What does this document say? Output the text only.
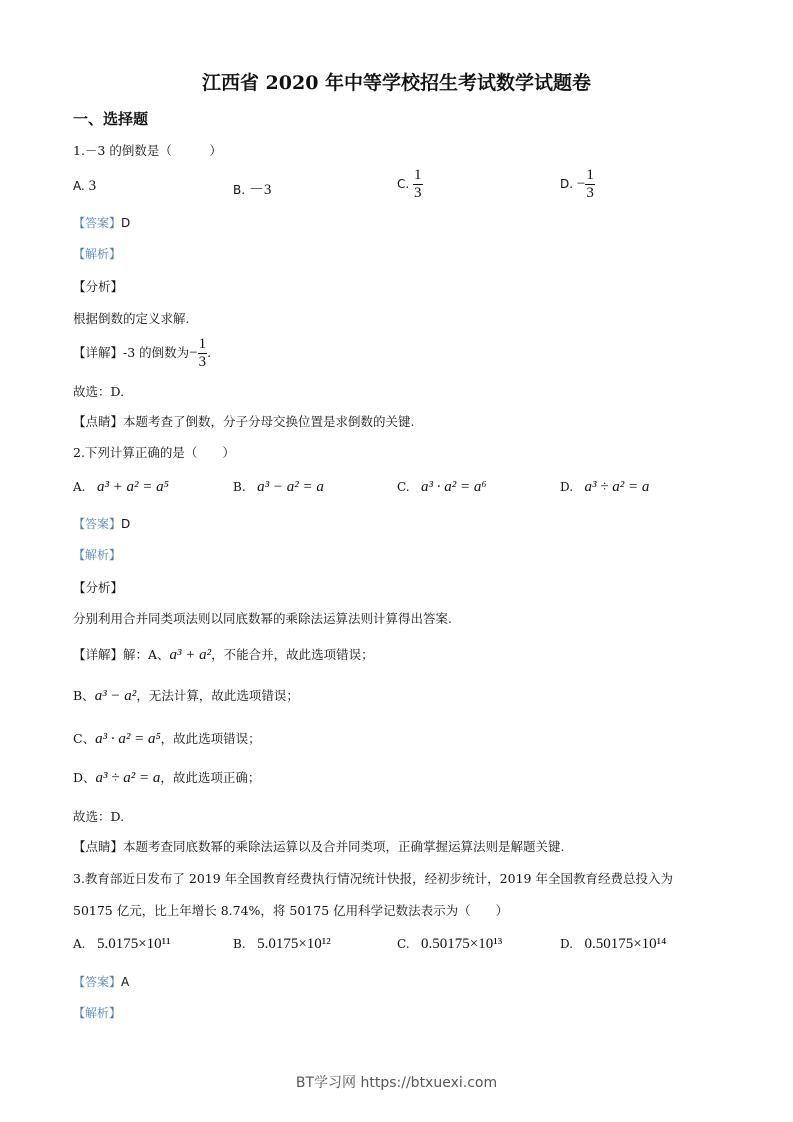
江西省 2020 年中等学校招生考试数学试题卷
一、选择题
1.－3 的倒数是（　　　）
A. 3	B. －3	C. $\frac{1}{3}$	D. − $\frac{1}{3}$
【答案】D
【解析】
【分析】
根据倒数的定义求解.
【详解】-3 的倒数为− $\frac{1}{3}$ .
故选：D.
【点睛】本题考查了倒数，分子分母交换位置是求倒数的关键.
2.下列计算正确的是（　　）
A. a³ + a² = a⁵	B. a³ − a² = a	C. a³ · a² = a⁶	D. a³ ÷ a² = a
【答案】D
【解析】
【分析】
分别利用合并同类项法则以同底数幂的乘除法运算法则计算得出答案.
【详解】解：A、a³ + a²，不能合并，故此选项错误；
B、a³ − a²，无法计算，故此选项错误；
C、a³ · a² = a⁵，故此选项错误；
D、a³ ÷ a² = a，故此选项正确；
故选：D.
【点睛】本题考查同底数幂的乘除法运算以及合并同类项，正确掌握运算法则是解题关键.
3.教育部近日发布了 2019 年全国教育经费执行情况统计快报，经初步统计，2019 年全国教育经费总投入为
50175 亿元，比上年增长 8.74%，将 50175 亿用科学记数法表示为（　　）
A. 5.0175×10¹¹	B. 5.0175×10¹²	C. 0.50175×10¹³	D. 0.50175×10¹⁴
【答案】A
【解析】
BT学习网 https://btxuexi.com
